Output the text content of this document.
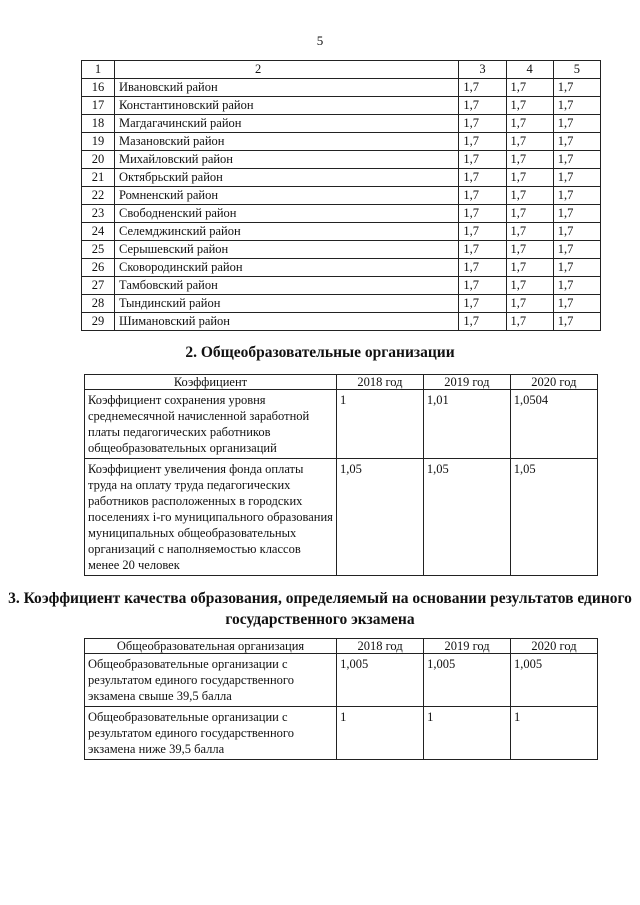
5
1	2	3	4	5
16	Ивановский район	1,7	1,7	1,7
17	Константиновский район	1,7	1,7	1,7
18	Магдагачинский район	1,7	1,7	1,7
19	Мазановский район	1,7	1,7	1,7
20	Михайловский район	1,7	1,7	1,7
21	Октябрьский район	1,7	1,7	1,7
22	Ромненский район	1,7	1,7	1,7
23	Свободненский район	1,7	1,7	1,7
24	Селемджинский район	1,7	1,7	1,7
25	Серышевский район	1,7	1,7	1,7
26	Сковородинский район	1,7	1,7	1,7
27	Тамбовский район	1,7	1,7	1,7
28	Тындинский район	1,7	1,7	1,7
29	Шимановский район	1,7	1,7	1,7
2. Общеобразовательные организации
Коэффициент	2018 год	2019 год	2020 год
Коэффициент сохранения уровня среднемесячной начисленной заработной платы педагогических работников общеобразовательных организаций	1	1,01	1,0504
Коэффициент увеличения фонда оплаты труда на оплату труда педагогических работников расположенных в городских поселениях i-го муниципального образования муниципальных общеобразовательных организаций с наполняемостью классов менее 20 человек	1,05	1,05	1,05
3. Коэффициент качества образования, определяемый на основании результатов единого государственного экзамена
Общеобразовательная организация	2018 год	2019 год	2020 год
Общеобразовательные организации с результатом единого государственного экзамена свыше 39,5 балла	1,005	1,005	1,005
Общеобразовательные организации с результатом единого государственного экзамена ниже 39,5 балла	1	1	1
